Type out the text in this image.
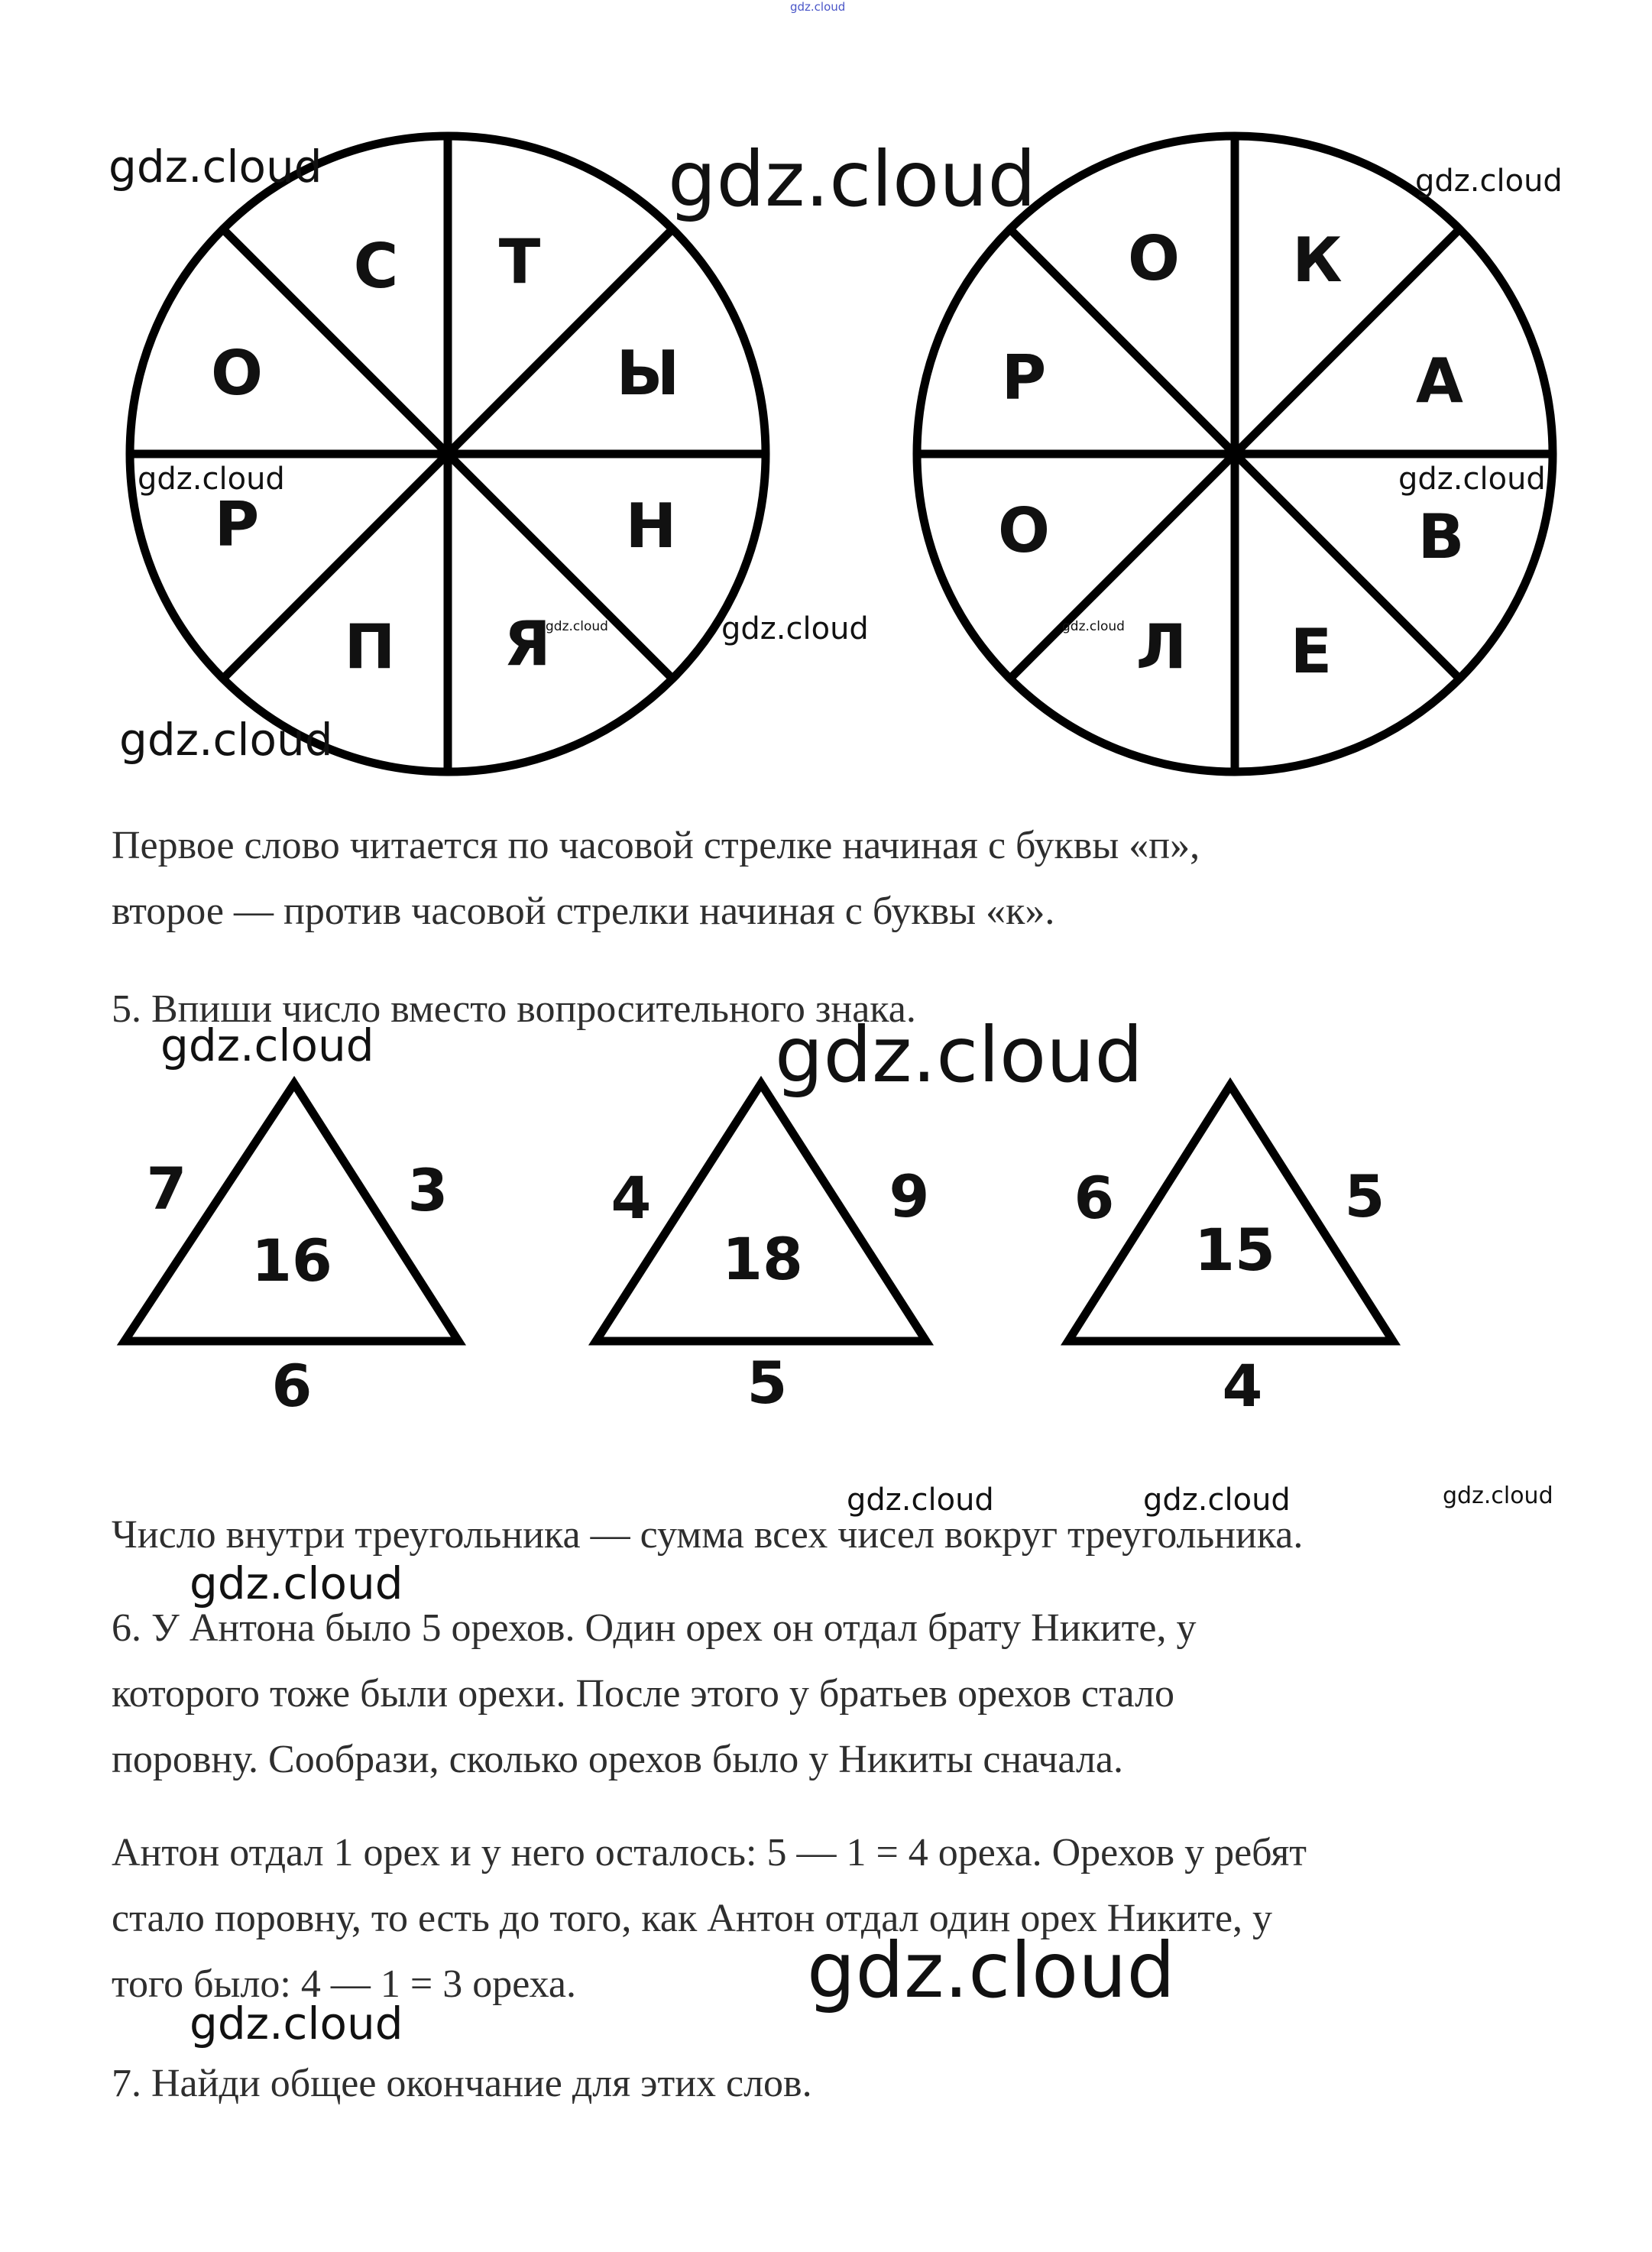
gdz.cloud
Т
Ы
Н
Я
П
Р
О
С	К
А
В
Е
Л
О
Р
О
7	3
16
6
4	9
18
5
6	5
15
4
Первое слово читается по часовой стрелке начиная с буквы «п»,
второе — против часовой стрелки начиная с буквы «к».
5. Впиши число вместо вопросительного знака.
Число внутри треугольника — сумма всех чисел вокруг треугольника.
6. У Антона было 5 орехов. Один орех он отдал брату Никите, у
которого тоже были орехи. После этого у братьев орехов стало
поровну. Сообрази, сколько орехов было у Никиты сначала.
Антон отдал 1 орех и у него осталось: 5 — 1 = 4 ореха. Орехов у ребят
стало поровну, то есть до того, как Антон отдал один орех Никите, у
того было: 4 — 1 = 3 ореха.
7. Найди общее окончание для этих слов.
gdz.cloud	gdz.cloud	gdz.cloud
gdz.cloud	gdz.cloud
gdz.cloud	gdz.cloud	gdz.cloud
gdz.cloud
gdz.cloud	gdz.cloud
gdz.cloud	gdz.cloud	gdz.cloud
gdz.cloud
gdz.cloud
gdz.cloud
